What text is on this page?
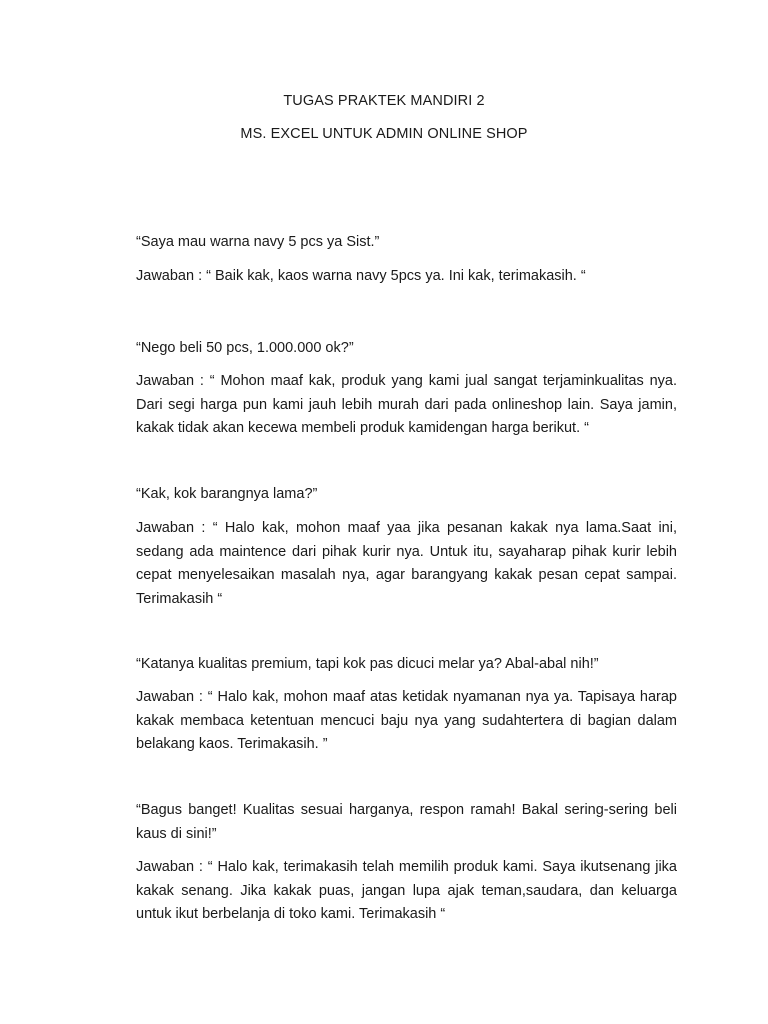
TUGAS PRAKTEK MANDIRI 2
MS. EXCEL UNTUK ADMIN ONLINE SHOP
“Saya mau warna navy 5 pcs ya Sist.”
Jawaban : “ Baik kak, kaos warna navy 5pcs ya. Ini kak, terimakasih. “
“Nego beli 50 pcs, 1.000.000 ok?”
Jawaban : “ Mohon maaf kak, produk yang kami jual sangat terjaminkualitas nya. Dari segi harga pun kami jauh lebih murah dari pada onlineshop lain. Saya jamin, kakak tidak akan kecewa membeli produk kamidengan harga berikut. “
“Kak, kok barangnya lama?”
Jawaban : “ Halo kak, mohon maaf yaa jika pesanan kakak nya lama.Saat ini, sedang ada maintence dari pihak kurir nya. Untuk itu, sayaharap pihak kurir lebih cepat menyelesaikan masalah nya, agar barangyang kakak pesan cepat sampai. Terimakasih “
“Katanya kualitas premium, tapi kok pas dicuci melar ya? Abal-abal nih!”
Jawaban : “ Halo kak, mohon maaf atas ketidak nyamanan nya ya. Tapisaya harap kakak membaca ketentuan mencuci baju nya yang sudahtertera di bagian dalam belakang kaos. Terimakasih. ”
“Bagus banget! Kualitas sesuai harganya, respon ramah! Bakal sering-sering beli kaus di sini!”
Jawaban : “ Halo kak, terimakasih telah memilih produk kami. Saya ikutsenang jika kakak senang. Jika kakak puas, jangan lupa ajak teman,saudara, dan keluarga untuk ikut berbelanja di toko kami. Terimakasih “
